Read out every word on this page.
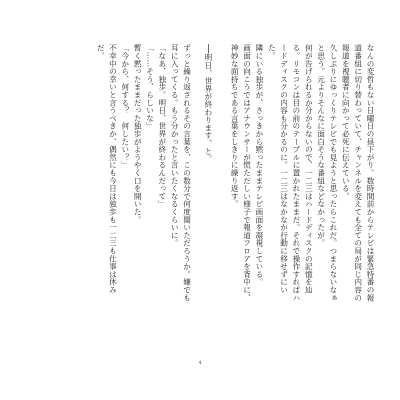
なんの変哲もない日曜日の昼下がり。数時間前からテレビは緊急特番の報道番組に切り替わっていて、チャンネルを変えても全ての局が同じ内容の報道を視聴者に向かって必死に伝えている。

久しぶりにゆっくりテレビでも見ようと思ったらこれだ。つまらないなぁと思う。元よりそんなに面白そうな番組などなかったが。

何が告げられるか分からないので、一二三はハードディスクの記憶を辿る。リモコンは目の前のテーブルに置かれたままだ。それで操作すればハードディスクの内容も分かるのに。一二三はなかなか行動に移せずにいた。

隣にいる独歩が、さっきから黙ったままテレビ画面を凝視している。

画面の向こうではアナウンサーが慌ただしい様子で報道フロアを背中に、神妙な面持ちである言葉をしきりに繰り返す。

──明日、世界が終わります、と。

ずっと繰り返されるその言葉を、この数分で何度聞いただろうか。嫌でも耳に入ってくる。もう分かったと言いたくなるくらいに。

「なあ、独歩。明日、世界が終わるんだって」

「……そう、らしいな」

暫く黙ったままだった独歩がようやく口を開いた。

「今から、何する？　何したい？」

不幸中の幸いと言うべきか、偶然にも今日は独歩も一二三も仕事は休みだ。

4
